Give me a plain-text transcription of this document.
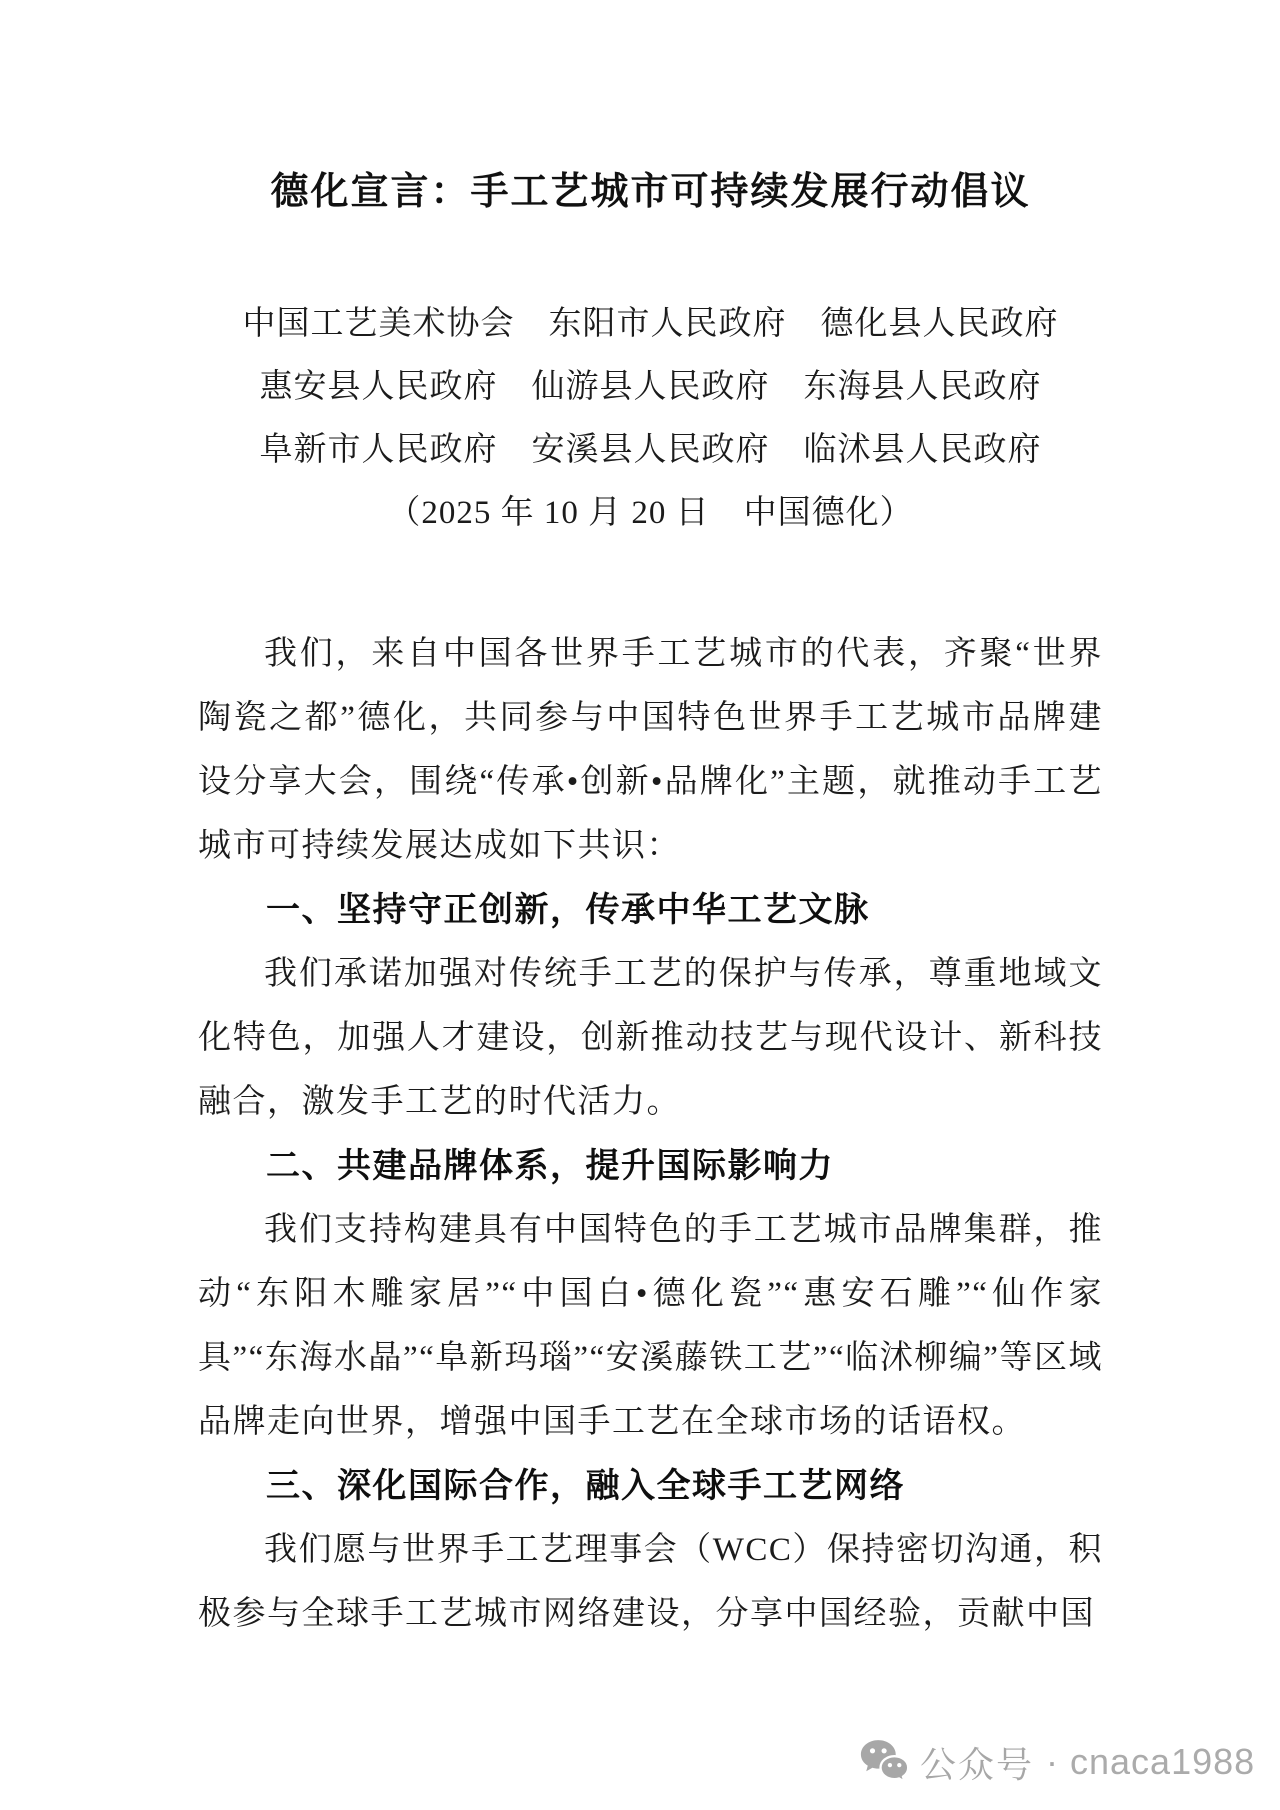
德化宣言：手工艺城市可持续发展行动倡议
中国工艺美术协会　东阳市人民政府　德化县人民政府
惠安县人民政府　仙游县人民政府　东海县人民政府
阜新市人民政府　安溪县人民政府　临沭县人民政府
（2025 年 10 月 20 日　中国德化）

我们，来自中国各世界手工艺城市的代表，齐聚“世界陶瓷之都”德化，共同参与中国特色世界手工艺城市品牌建设分享大会，围绕“传承•创新•品牌化”主题，就推动手工艺城市可持续发展达成如下共识：

一、坚持守正创新，传承中华工艺文脉

我们承诺加强对传统手工艺的保护与传承，尊重地域文化特色，加强人才建设，创新推动技艺与现代设计、新科技融合，激发手工艺的时代活力。

二、共建品牌体系，提升国际影响力

我们支持构建具有中国特色的手工艺城市品牌集群，推动“东阳木雕家居”“中国白•德化瓷”“惠安石雕”“仙作家具”“东海水晶”“阜新玛瑙”“安溪藤铁工艺”“临沭柳编”等区域品牌走向世界，增强中国手工艺在全球市场的话语权。

三、深化国际合作，融入全球手工艺网络

我们愿与世界手工艺理事会（WCC）保持密切沟通，积极参与全球手工艺城市网络建设，分享中国经验，贡献中国

公众号 · cnaca1988
